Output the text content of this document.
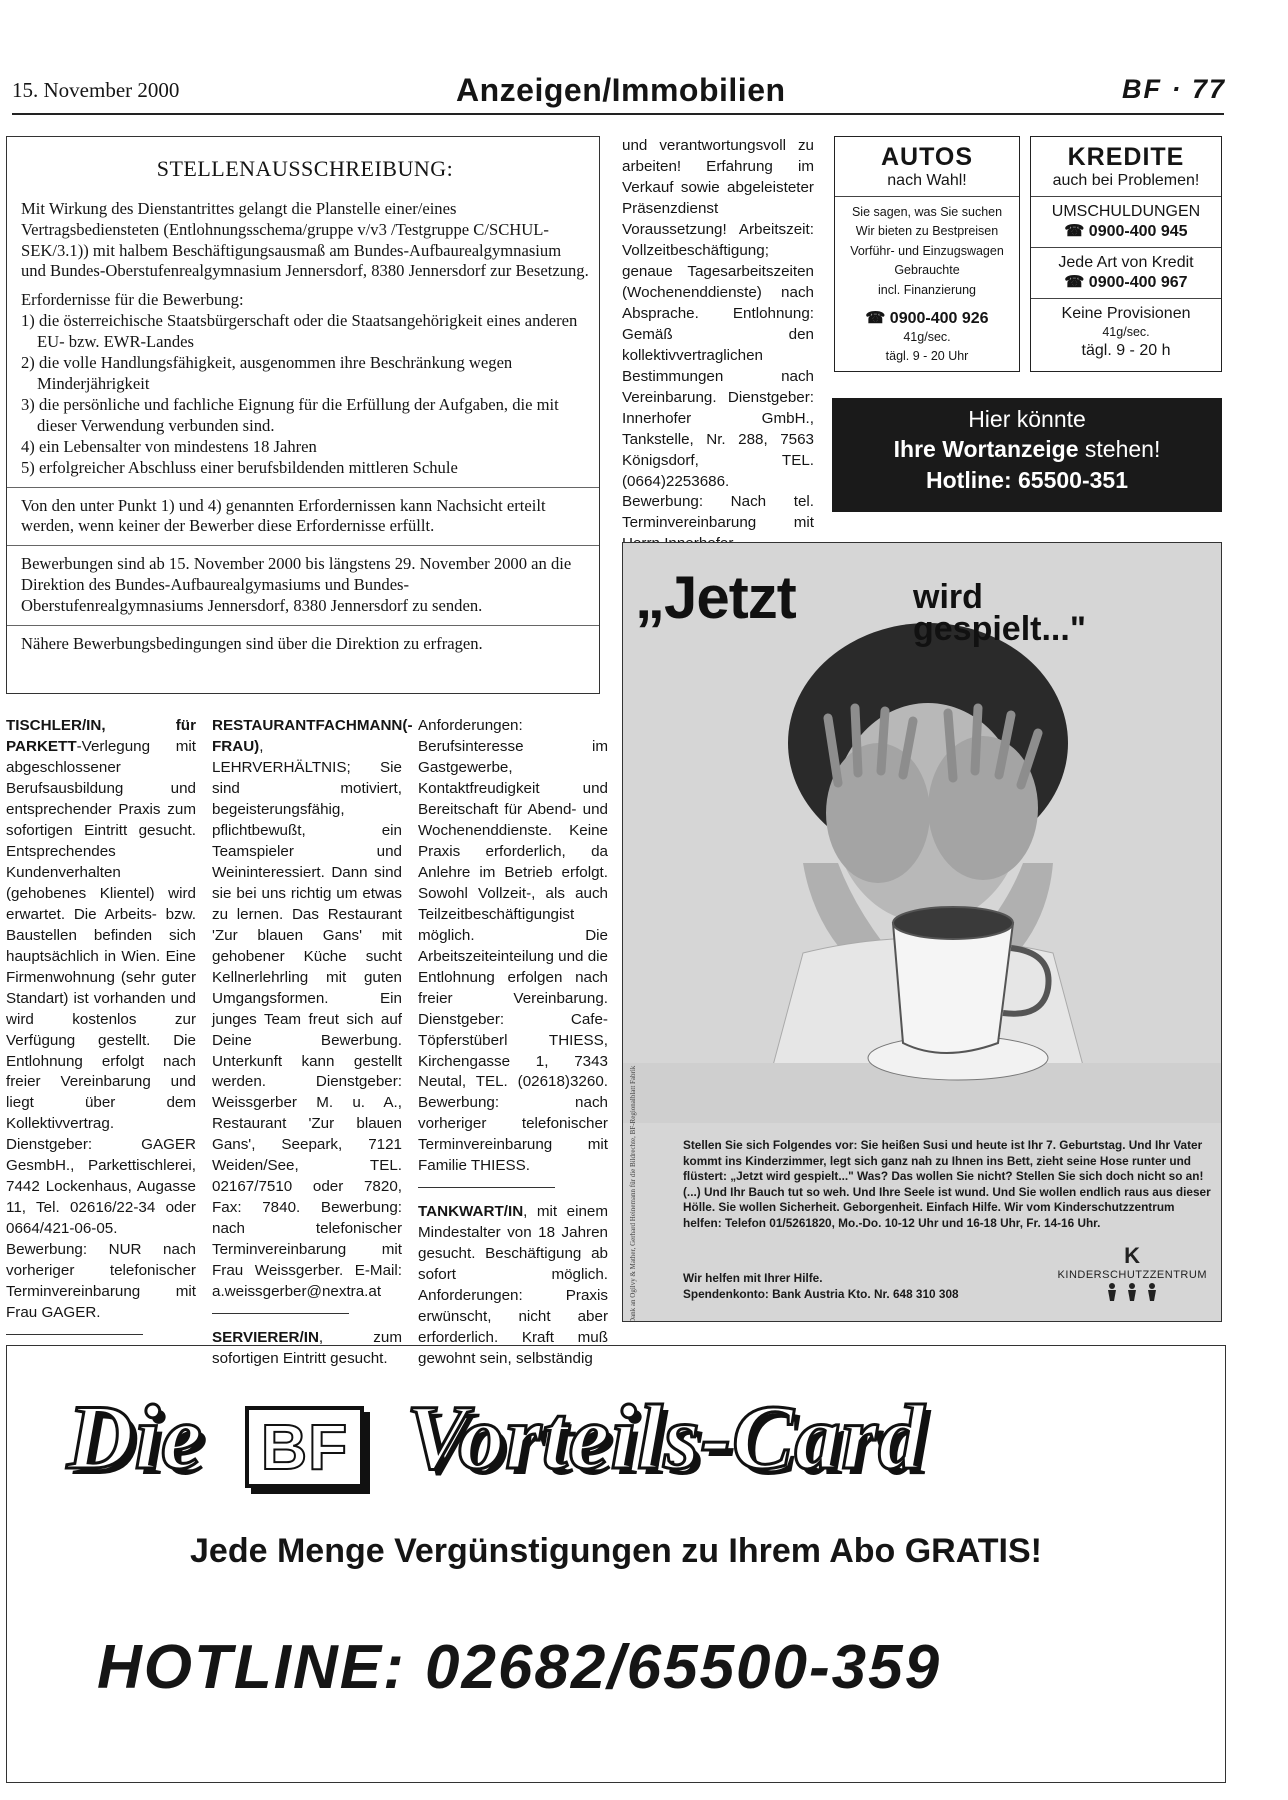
15. November 2000	Anzeigen/Immobilien	BF · 77
STELLENAUSSCHREIBUNG:

Mit Wirkung des Dienstantrittes gelangt die Planstelle einer/eines Vertragsbediensteten (Entlohnungsschema/gruppe v/v3 /Testgruppe C/SCHUL-SEK/3.1)) mit halbem Beschäftigungsausmaß am Bundes-Aufbaurealgymnasium und Bundes-Oberstufenrealgymnasium Jennersdorf, 8380 Jennersdorf zur Besetzung.

Erfordernisse für die Bewerbung:

1) die österreichische Staatsbürgerschaft oder die Staatsangehörigkeit eines anderen EU- bzw. EWR-Landes
2) die volle Handlungsfähigkeit, ausgenommen ihre Beschränkung wegen Minderjährigkeit
3) die persönliche und fachliche Eignung für die Erfüllung der Aufgaben, die mit dieser Verwendung verbunden sind.
4) ein Lebensalter von mindestens 18 Jahren
5) erfolgreicher Abschluss einer berufsbildenden mittleren Schule

Von den unter Punkt 1) und 4) genannten Erfordernissen kann Nachsicht erteilt werden, wenn keiner der Bewerber diese Erfordernisse erfüllt.

Bewerbungen sind ab 15. November 2000 bis längstens 29. November 2000 an die Direktion des Bundes-Aufbaurealgymasiums und Bundes-Oberstufenrealgymnasiums Jennersdorf, 8380 Jennersdorf zu senden.

Nähere Bewerbungsbedingungen sind über die Direktion zu erfragen.

und verantwortungsvoll zu arbeiten! Erfahrung im Verkauf sowie abgeleisteter Präsenzdienst Voraussetzung! Arbeitszeit: Vollzeitbeschäftigung; genaue Tagesarbeitszeiten (Wochenenddienste) nach Absprache. Entlohnung: Gemäß den kollektivvertraglichen Bestimmungen nach Vereinbarung. Dienstgeber: Innerhofer GmbH., Tankstelle, Nr. 288, 7563 Königsdorf, TEL. (0664)2253686. Bewerbung: Nach tel. Terminvereinbarung mit

AUTOS
nach Wahl!
Sie sagen, was Sie suchen
Wir bieten zu Bestpreisen
Vorführ- und Einzugswagen
Gebrauchte
incl. Finanzierung
☎ 0900-400 926
41g/sec.
tägl. 9 - 20 Uhr
KREDITE
auch bei Problemen!
UMSCHULDUNGEN
☎ 0900-400 945
Jede Art von Kredit
☎ 0900-400 967
Keine Provisionen
41g/sec.
tägl. 9 - 20 h
Hier könnte
Ihre Wortanzeige stehen!
Hotline: 65500-351

TISCHLER/IN, für PARKETT-Verlegung mit abgeschlossener Berufsausbildung und entsprechender Praxis zum sofortigen Eintritt gesucht. Entsprechendes Kundenverhalten (gehobenes Klientel) wird erwartet. Die Arbeits- bzw. Baustellen befinden sich hauptsächlich in Wien. Eine Firmenwohnung (sehr guter Standart) ist vorhanden und wird kostenlos zur Verfügung gestellt. Die Entlohnung erfolgt nach freier Vereinbarung und liegt über dem Kollektivvertrag. Dienstgeber: GAGER GesmbH., Parkettischlerei, 7442 Lockenhaus, Augasse 11, Tel. 02616/22-34 oder 0664/421-06-05. Bewerbung: NUR nach vorheriger telefonischer Terminvereinbarung mit Frau GAGER.

RESTAURANTFACHMANN(-FRAU), LEHRVERHÄLTNIS; Sie sind motiviert, begeisterungsfähig, pflichtbewußt, ein Teamspieler und Weininteressiert. Dann sind sie bei uns richtig um etwas zu lernen. Das Restaurant 'Zur blauen Gans' mit gehobener Küche sucht Kellnerlehrling mit guten Umgangsformen. Ein junges Team freut sich auf Deine Bewerbung. Unterkunft kann gestellt werden. Dienstgeber: Weissgerber M. u. A., Restaurant 'Zur blauen Gans', Seepark, 7121 Weiden/See, TEL. 02167/7510 oder 7820, Fax: 7840. Bewerbung: nach telefonischer Terminvereinbarung mit Frau Weissgerber. E-Mail: a.weissgerber@nextra.at

SERVIERER/IN, zum sofortigen Eintritt gesucht.

Anforderungen: Berufsinteresse im Gastgewerbe, Kontaktfreudigkeit und Bereitschaft für Abend- und Wochenenddienste. Keine Praxis erforderlich, da Anlehre im Betrieb erfolgt. Sowohl Vollzeit-, als auch Teilzeitbeschäftigungist möglich. Die Arbeitszeiteinteilung und die Entlohnung erfolgen nach freier Vereinbarung. Dienstgeber: Cafe-Töpferstüberl THIESS, Kirchengasse 1, 7343 Neutal, TEL. (02618)3260. Bewerbung: nach vorheriger telefonischer Terminvereinbarung mit Familie THIESS.

TANKWART/IN, mit einem Mindestalter von 18 Jahren gesucht. Beschäftigung ab sofort möglich. Anforderungen: Praxis erwünscht, nicht aber erforderlich. Kraft muß gewohnt sein, selbständig

„Jetzt	wird
gespielt..."
Stellen Sie sich Folgendes vor: Sie heißen Susi und heute ist Ihr 7. Geburtstag. Und Ihr Vater kommt ins Kinderzimmer, legt sich ganz nah zu Ihnen ins Bett, zieht seine Hose runter und flüstert: „Jetzt wird gespielt..." Was? Das wollen Sie nicht? Stellen Sie sich doch nicht so an! (...) Und Ihr Bauch tut so weh. Und Ihre Seele ist wund. Und Sie wollen endlich raus aus dieser Hölle. Sie wollen Sicherheit. Geborgenheit. Einfach Hilfe. Wir vom Kinderschutzzentrum helfen: Telefon 01/5261820, Mo.-Do. 10-12 Uhr und 16-18 Uhr, Fr. 14-16 Uhr.
Wir helfen mit Ihrer Hilfe.
Spendenkonto: Bank Austria Kto. Nr. 648 310 308
K
KINDERSCHUTZZENTRUM
Die BF Vorteils-Card
Jede Menge Vergünstigungen zu Ihrem Abo GRATIS!
HOTLINE: 02682/65500-359
